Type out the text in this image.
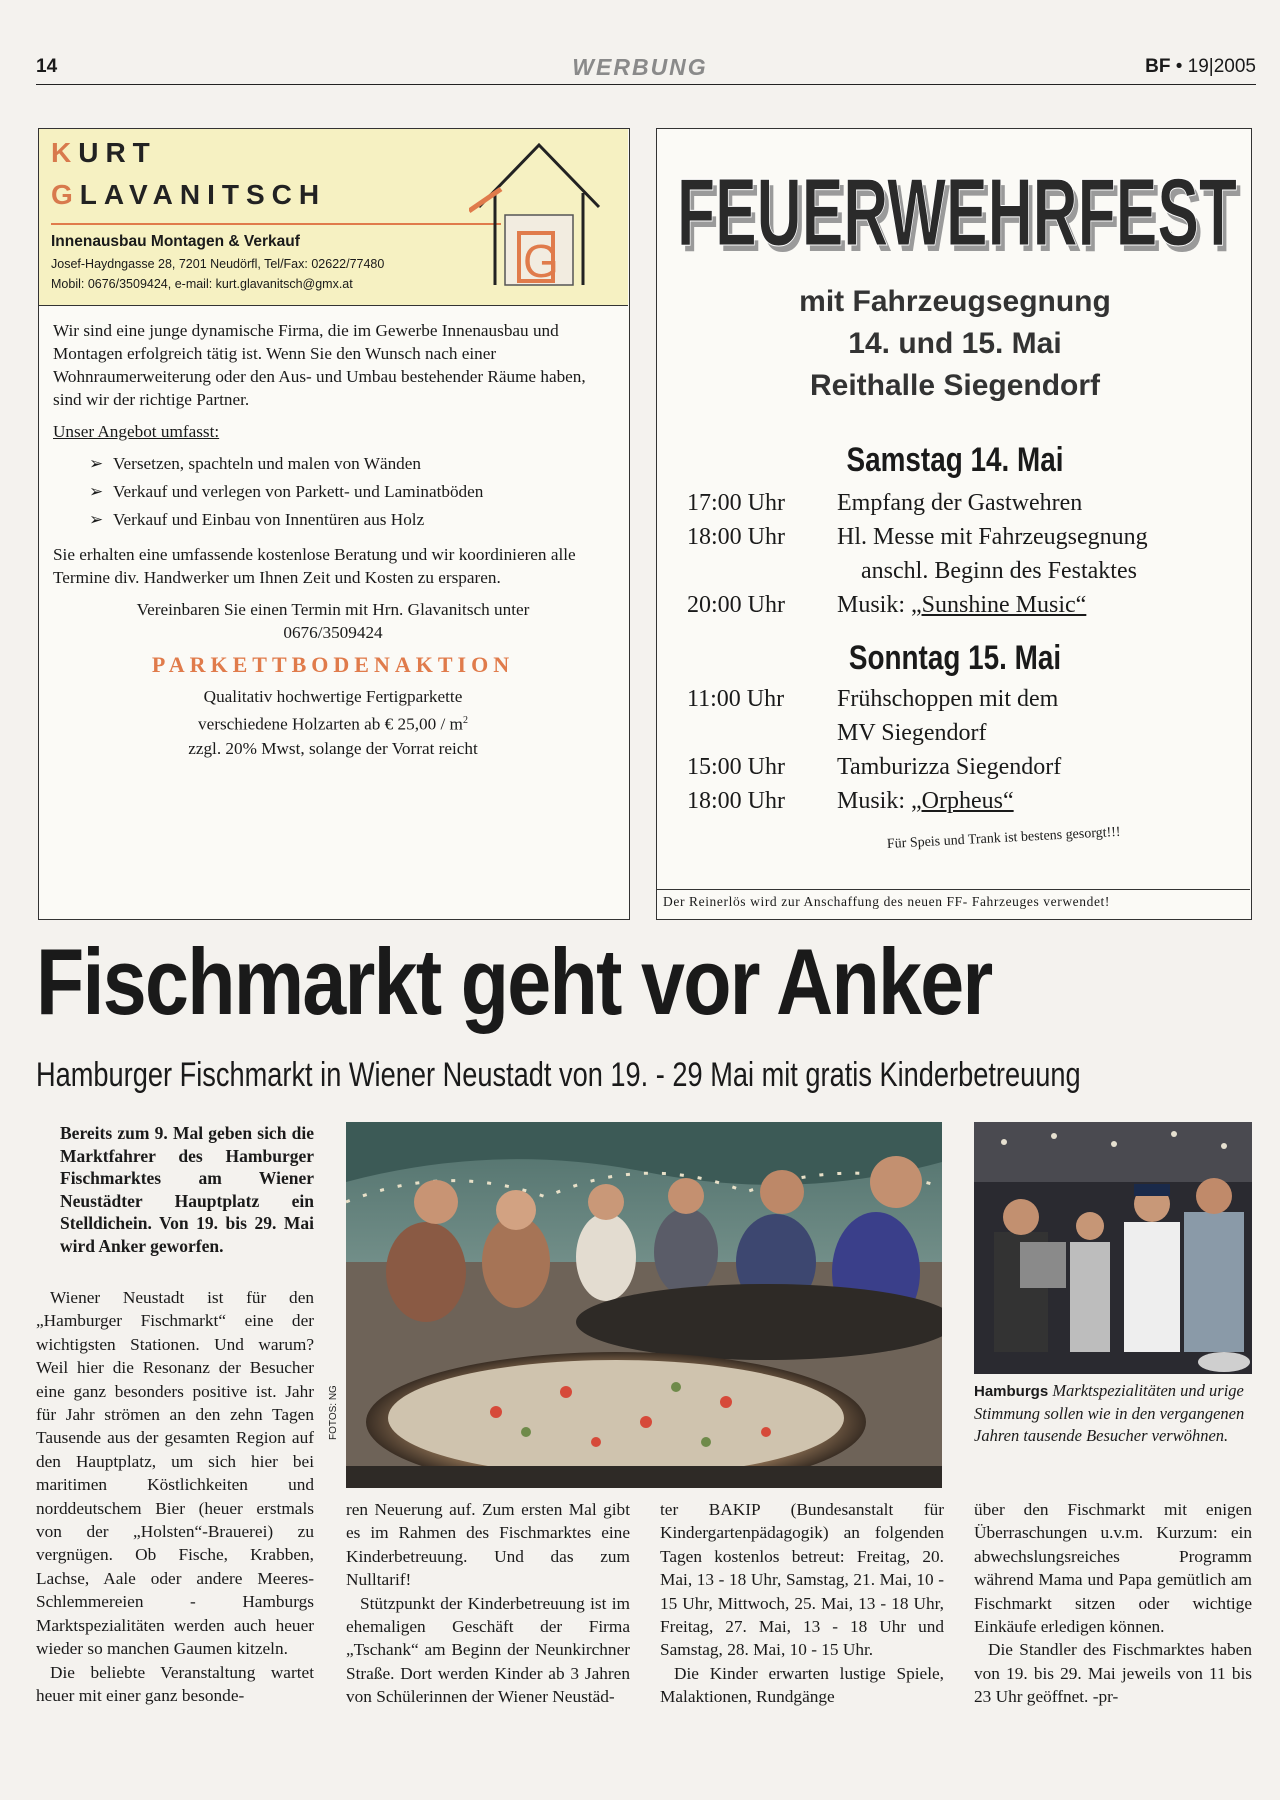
14	WERBUNG	BF • 19|2005
KURT
GLAVANITSCH
Innenausbau Montagen & Verkauf
Josef-Haydngasse 28, 7201 Neudörfl, Tel/Fax: 02622/77480
Mobil: 0676/3509424, e-mail: kurt.glavanitsch@gmx.at	G

Wir sind eine junge dynamische Firma, die im Gewerbe Innenausbau und Montagen erfolgreich tätig ist. Wenn Sie den Wunsch nach einer Wohnraumerweiterung oder den Aus- und Umbau bestehender Räume haben, sind wir der richtige Partner.

Unser Angebot umfasst:

➢ Versetzen, spachteln und malen von Wänden
➢ Verkauf und verlegen von Parkett- und Laminatböden
➢ Verkauf und Einbau von Innentüren aus Holz

Sie erhalten eine umfassende kostenlose Beratung und wir koordinieren alle Termine div. Handwerker um Ihnen Zeit und Kosten zu ersparen.

Vereinbaren Sie einen Termin mit Hrn. Glavanitsch unter
0676/3509424

PARKETTBODENAKTION

Qualitativ hochwertige Fertigparkette
verschiedene Holzarten ab € $25,00 / m^2$
zzgl. 20% Mwst, solange der Vorrat reicht

FEUERWEHRFEST
FEUERWEHRFEST
mit Fahrzeugsegnung
14. und 15. Mai
Reithalle Siegendorf
Samstag 14. Mai
17:00 Uhr	Empfang der Gastwehren
18:00 Uhr	Hl. Messe mit Fahrzeugsegnung
anschl. Beginn des Festaktes
20:00 Uhr	Musik: „Sunshine Music“
Sonntag 15. Mai
11:00 Uhr	Frühschoppen mit dem
MV Siegendorf
15:00 Uhr	Tamburizza Siegendorf
18:00 Uhr	Musik: „Orpheus“
Für Speis und Trank ist bestens gesorgt!!!
Der Reinerlös wird zur Anschaffung des neuen FF- Fahrzeuges verwendet!
Fischmarkt geht vor Anker
Hamburger Fischmarkt in Wiener Neustadt von 19. - 29 Mai mit gratis Kinderbetreuung
Bereits zum 9. Mal geben sich die Marktfahrer des Hamburger Fischmarktes am Wiener Neustädter Hauptplatz ein Stelldichein. Von 19. bis 29. Mai wird Anker geworfen.

Wiener Neustadt ist für den „Hamburger Fischmarkt“ eine der wichtigsten Stationen. Und warum? Weil hier die Resonanz der Besucher eine ganz besonders positive ist. Jahr für Jahr strömen an den zehn Tagen Tausende aus der gesamten Region auf den Hauptplatz, um sich hier bei maritimen Köstlichkeiten und norddeutschem Bier (heuer erstmals von der „Holsten“-Brauerei) zu vergnügen. Ob Fische, Krabben, Lachse, Aale oder andere Meeres-Schlemmereien - Hamburgs Marktspezialitäten werden auch heuer wieder so manchen Gaumen kitzeln.

Die beliebte Veranstaltung wartet heuer mit einer ganz besonde-

ren Neuerung auf. Zum ersten Mal gibt es im Rahmen des Fischmarktes eine Kinderbetreuung. Und das zum Nulltarif!

Stützpunkt der Kinderbetreuung ist im ehemaligen Geschäft der Firma „Tschank“ am Beginn der Neunkirchner Straße. Dort werden Kinder ab 3 Jahren von Schülerinnen der Wiener Neustäd-

ter BAKIP (Bundesanstalt für Kindergartenpädagogik) an folgenden Tagen kostenlos betreut: Freitag, 20. Mai, 13 - 18 Uhr, Samstag, 21. Mai, 10 - 15 Uhr, Mittwoch, 25. Mai, 13 - 18 Uhr, Freitag, 27. Mai, 13 - 18 Uhr und Samstag, 28. Mai, 10 - 15 Uhr.

Die Kinder erwarten lustige Spiele, Malaktionen, Rundgänge

über den Fischmarkt mit enigen Überraschungen u.v.m. Kurzum: ein abwechslungsreiches Programm während Mama und Papa gemütlich am Fischmarkt sitzen oder wichtige Einkäufe erledigen können.

Die Standler des Fischmarktes haben von 19. bis 29. Mai jeweils von 11 bis 23 Uhr geöffnet. -pr-

FOTOS: NG	Hamburgs Marktspezialitäten und urige Stimmung sollen wie in den vergangenen Jahren tausende Besucher verwöhnen.
